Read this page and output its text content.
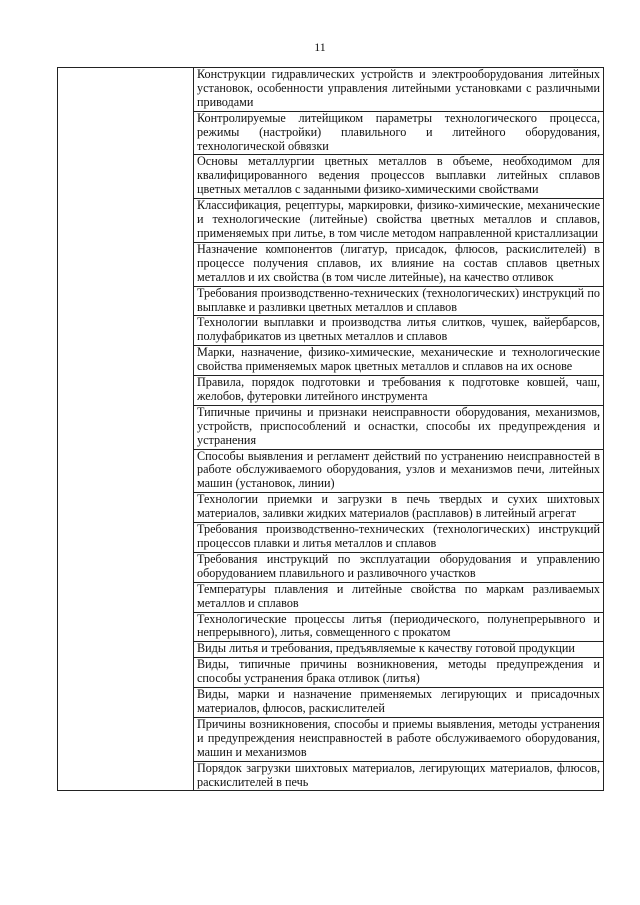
11
	Конструкции гидравлических устройств и электрооборудования литейных установок, особенности управления литейными установками с различными приводами
Контролируемые литейщиком параметры технологического процесса, режимы (настройки) плавильного и литейного оборудования, технологической обвязки
Основы металлургии цветных металлов в объеме, необходимом для квалифицированного ведения процессов выплавки литейных сплавов цветных металлов с заданными физико-химическими свойствами
Классификация, рецептуры, маркировки, физико-химические, механические и технологические (литейные) свойства цветных металлов и сплавов, применяемых при литье, в том числе методом направленной кристаллизации
Назначение компонентов (лигатур, присадок, флюсов, раскислителей) в процессе получения сплавов, их влияние на состав сплавов цветных металлов и их свойства (в том числе литейные), на качество отливок
Требования производственно-технических (технологических) инструкций по выплавке и разливки цветных металлов и сплавов
Технологии выплавки и производства литья слитков, чушек, вайербарсов, полуфабрикатов из цветных металлов и сплавов
Марки, назначение, физико-химические, механические и технологические свойства применяемых марок цветных металлов и сплавов на их основе
Правила, порядок подготовки и требования к подготовке ковшей, чаш, желобов, футеровки литейного инструмента
Типичные причины и признаки неисправности оборудования, механизмов, устройств, приспособлений и оснастки, способы их предупреждения и устранения
Способы выявления и регламент действий по устранению неисправностей в работе обслуживаемого оборудования, узлов и механизмов печи, литейных машин (установок, линии)
Технологии приемки и загрузки в печь твердых и сухих шихтовых материалов, заливки жидких материалов (расплавов) в литейный агрегат
Требования производственно-технических (технологических) инструкций процессов плавки и литья металлов и сплавов
Требования инструкций по эксплуатации оборудования и управлению оборудованием плавильного и разливочного участков
Температуры плавления и литейные свойства по маркам разливаемых металлов и сплавов
Технологические процессы литья (периодического, полунепрерывного и непрерывного), литья, совмещенного с прокатом
Виды литья и требования, предъявляемые к качеству готовой продукции
Виды, типичные причины возникновения, методы предупреждения и способы устранения брака отливок (литья)
Виды, марки и назначение применяемых легирующих и присадочных материалов, флюсов, раскислителей
Причины возникновения, способы и приемы выявления, методы устранения и предупреждения неисправностей в работе обслуживаемого оборудования, машин и механизмов
Порядок загрузки шихтовых материалов, легирующих материалов, флюсов, раскислителей в печь
